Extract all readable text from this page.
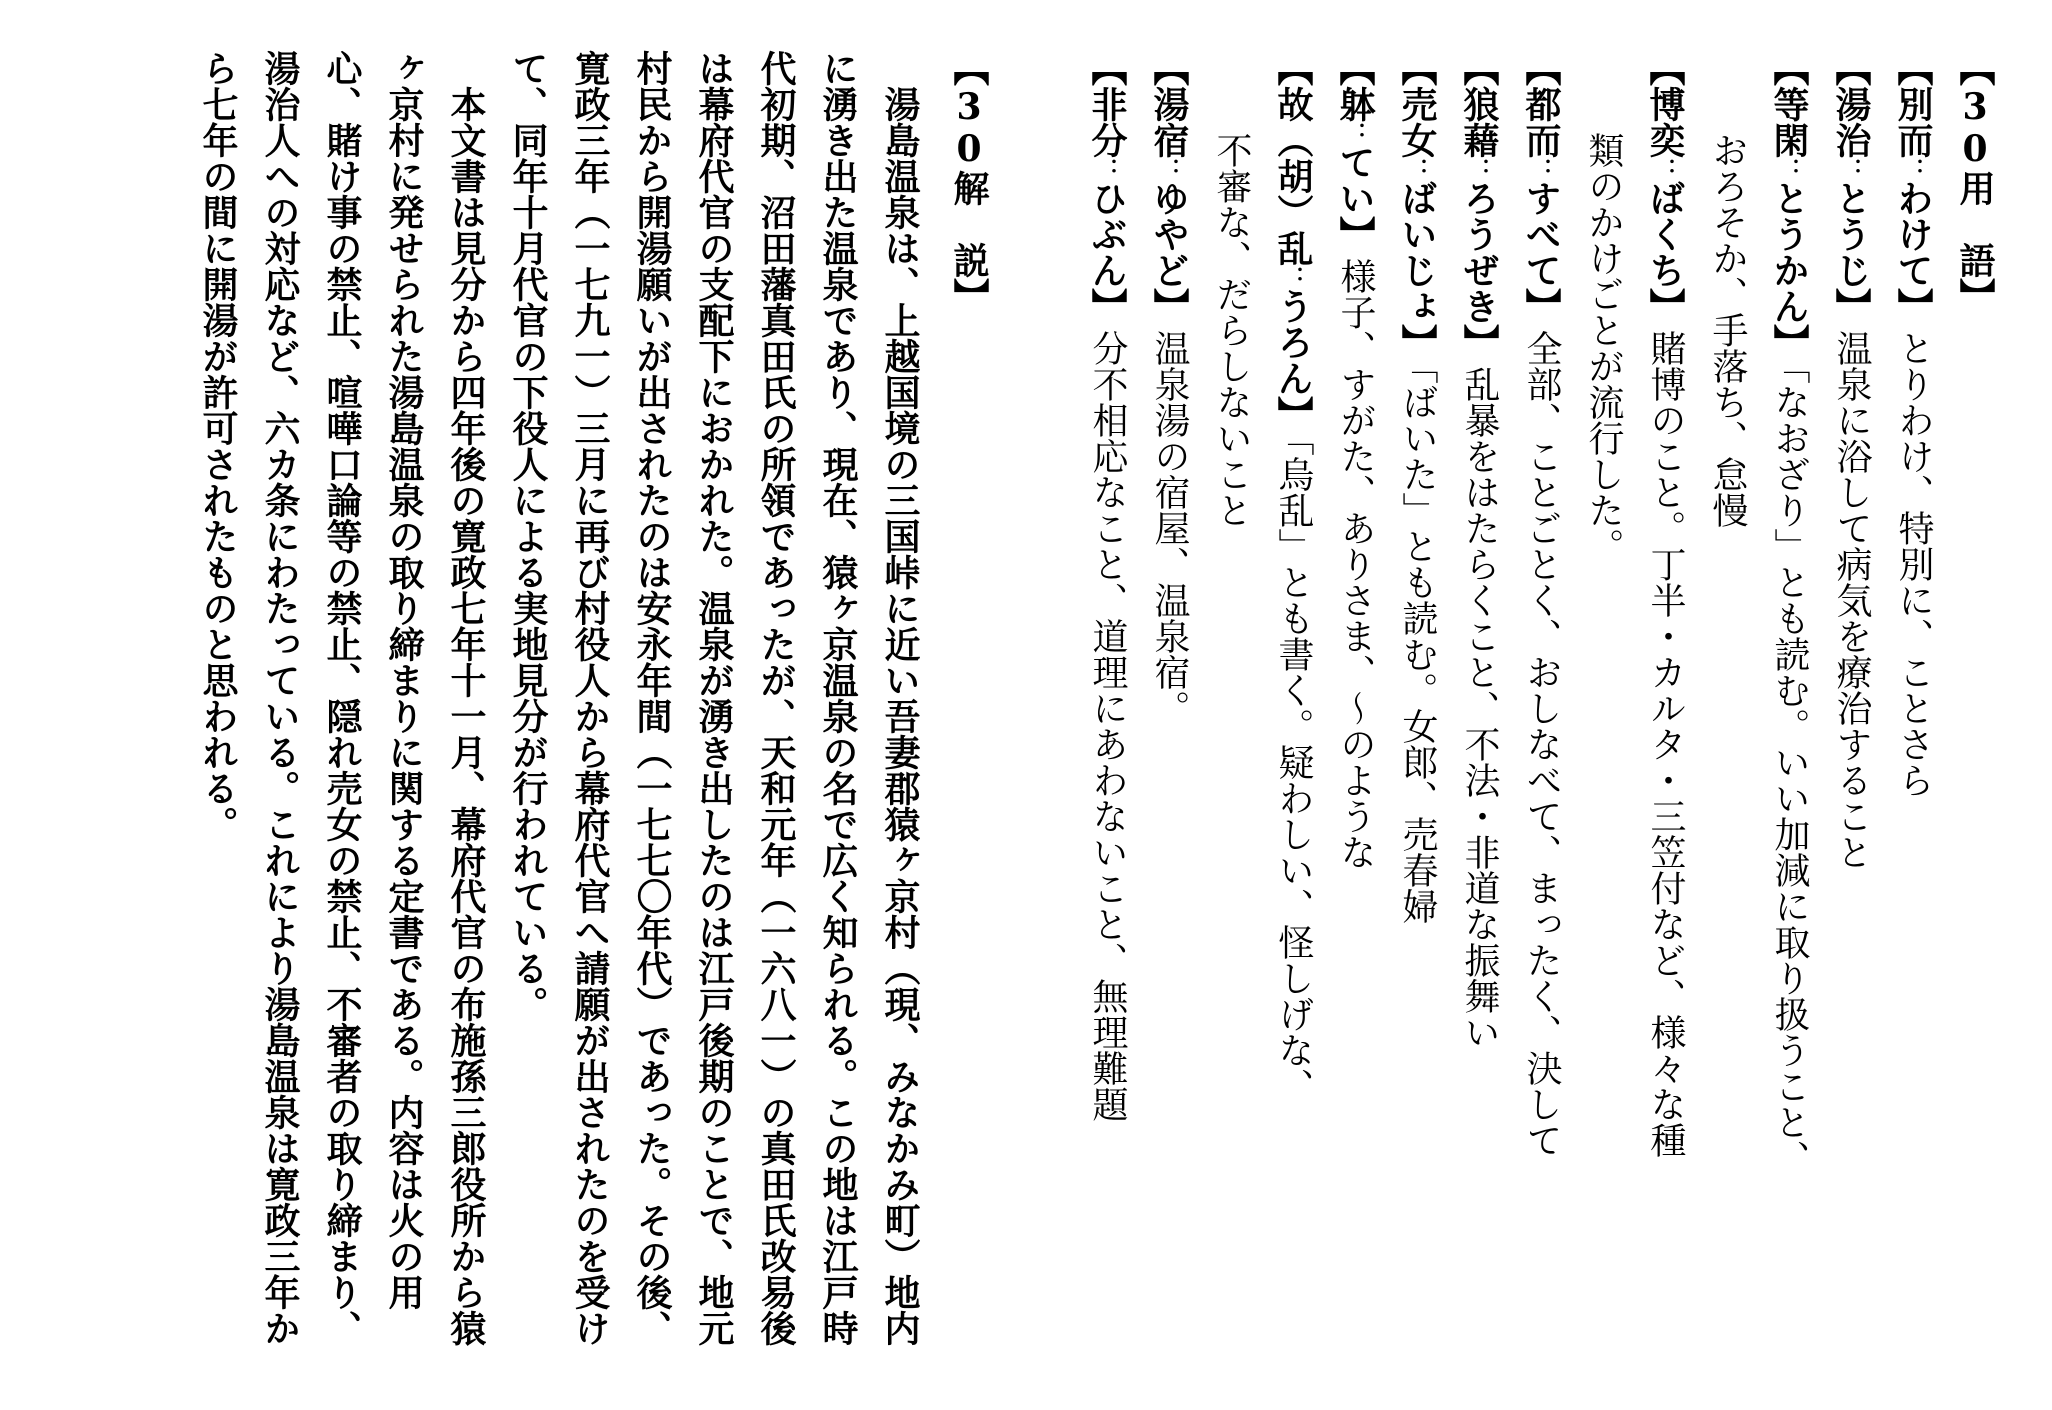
【30用　語】
【別而：わけて】とりわけ、特別に、ことさら
【湯治：とうじ】温泉に浴して病気を療治すること
【等閑：とうかん】「なおざり」とも読む。いい加減に取り扱うこと、
おろそか、手落ち、怠慢
【博奕：ばくち】賭博のこと。丁半・カルタ・三笠付など、様々な種
類のかけごとが流行した。
【都而：すべて】全部、ことごとく、おしなべて、まったく、決して
【狼藉：ろうぜき】乱暴をはたらくこと、不法・非道な振舞い
【売女：ばいじょ】「ばいた」とも読む。女郎、売春婦
【躰：てい】様子、すがた、ありさま、～のような
【故（胡）乱：うろん】「烏乱」とも書く。疑わしい、怪しげな、
不審な、だらしないこと
【湯宿：ゆやど】温泉湯の宿屋、温泉宿。
【非分：ひぶん】分不相応なこと、道理にあわないこと、無理難題
【30解　説】
湯島温泉は、上越国境の三国峠に近い吾妻郡猿ヶ京村（現、みなかみ町）地内に湧き出た温泉であり、現在、猿ヶ京温泉の名で広く知られる。この地は江戸時代初期、沼田藩真田氏の所領であったが、天和元年（一六八一）の真田氏改易後は幕府代官の支配下におかれた。温泉が湧き出したのは江戸後期のことで、地元村民から開湯願いが出されたのは安永年間（一七七〇年代）であった。その後、寛政三年（一七九一）三月に再び村役人から幕府代官へ請願が出されたのを受けて、同年十月代官の下役人による実地見分が行われている。
本文書は見分から四年後の寛政七年十一月、幕府代官の布施孫三郎役所から猿ヶ京村に発せられた湯島温泉の取り締まりに関する定書である。内容は火の用心、賭け事の禁止、喧嘩口論等の禁止、隠れ売女の禁止、不審者の取り締まり、湯治人への対応など、六カ条にわたっている。これにより湯島温泉は寛政三年から七年の間に開湯が許可されたものと思われる。
